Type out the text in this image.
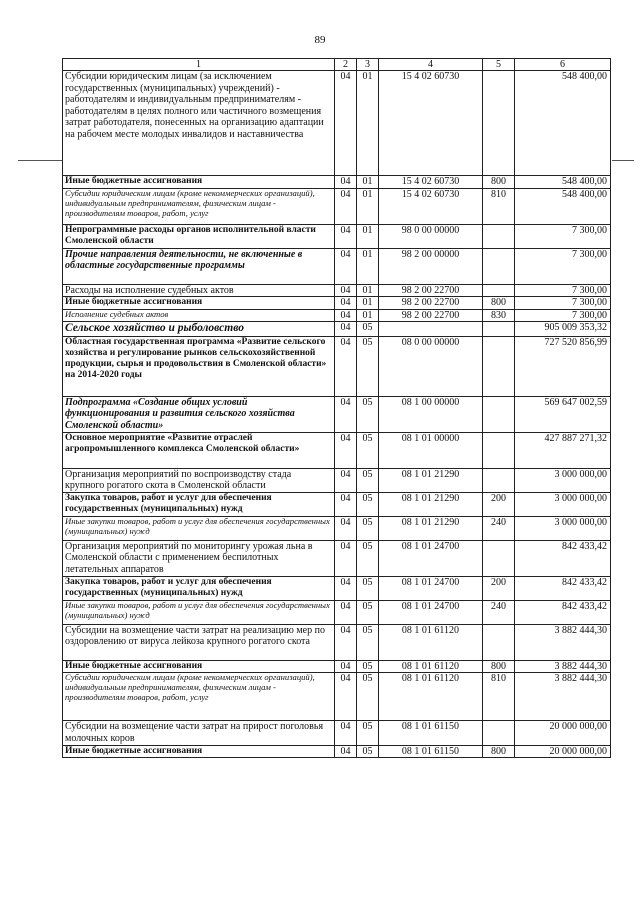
89
1	2	3	4	5	6
Субсидии юридическим лицам (за исключением государственных (муниципальных) учреждений) - работодателям и индивидуальным предпринимателям - работодателям в целях полного или частичного возмещения затрат работодателя, понесенных на организацию адаптации на рабочем месте молодых инвалидов и наставничества	04	01	15 4 02 60730		548 400,00
Иные бюджетные ассигнования	04	01	15 4 02 60730	800	548 400,00
Субсидии юридическим лицам (кроме некоммерческих организаций), индивидуальным предпринимателям, физическим лицам - производителям товаров, работ, услуг	04	01	15 4 02 60730	810	548 400,00
Непрограммные расходы органов исполнительной власти Смоленской области	04	01	98 0 00 00000		7 300,00
Прочие направления деятельности, не включенные в областные государственные программы	04	01	98 2 00 00000		7 300,00
Расходы на исполнение судебных актов	04	01	98 2 00 22700		7 300,00
Иные бюджетные ассигнования	04	01	98 2 00 22700	800	7 300,00
Исполнение судебных актов	04	01	98 2 00 22700	830	7 300,00
Сельское хозяйство и рыболовство	04	05			905 009 353,32
Областная государственная программа «Развитие сельского хозяйства и регулирование рынков сельскохозяйственной продукции, сырья и продовольствия в Смоленской области» на 2014-2020 годы	04	05	08 0 00 00000		727 520 856,99
Подпрограмма «Создание общих условий функционирования и развития сельского хозяйства Смоленской области»	04	05	08 1 00 00000		569 647 002,59
Основное мероприятие «Развитие отраслей агропромышленного комплекса Смоленской области»	04	05	08 1 01 00000		427 887 271,32
Организация мероприятий по воспроизводству стада крупного рогатого скота в Смоленской области	04	05	08 1 01 21290		3 000 000,00
Закупка товаров, работ и услуг для обеспечения государственных (муниципальных) нужд	04	05	08 1 01 21290	200	3 000 000,00
Иные закупки товаров, работ и услуг для обеспечения государственных (муниципальных) нужд	04	05	08 1 01 21290	240	3 000 000,00
Организация мероприятий по мониторингу урожая льна в Смоленской области с применением беспилотных летательных аппаратов	04	05	08 1 01 24700		842 433,42
Закупка товаров, работ и услуг для обеспечения государственных (муниципальных) нужд	04	05	08 1 01 24700	200	842 433,42
Иные закупки товаров, работ и услуг для обеспечения государственных (муниципальных) нужд	04	05	08 1 01 24700	240	842 433,42
Субсидии на возмещение части затрат на реализацию мер по оздоровлению от вируса лейкоза крупного рогатого скота	04	05	08 1 01 61120		3 882 444,30
Иные бюджетные ассигнования	04	05	08 1 01 61120	800	3 882 444,30
Субсидии юридическим лицам (кроме некоммерческих организаций), индивидуальным предпринимателям, физическим лицам - производителям товаров, работ, услуг	04	05	08 1 01 61120	810	3 882 444,30
Субсидии на возмещение части затрат на прирост поголовья молочных коров	04	05	08 1 01 61150		20 000 000,00
Иные бюджетные ассигнования	04	05	08 1 01 61150	800	20 000 000,00
